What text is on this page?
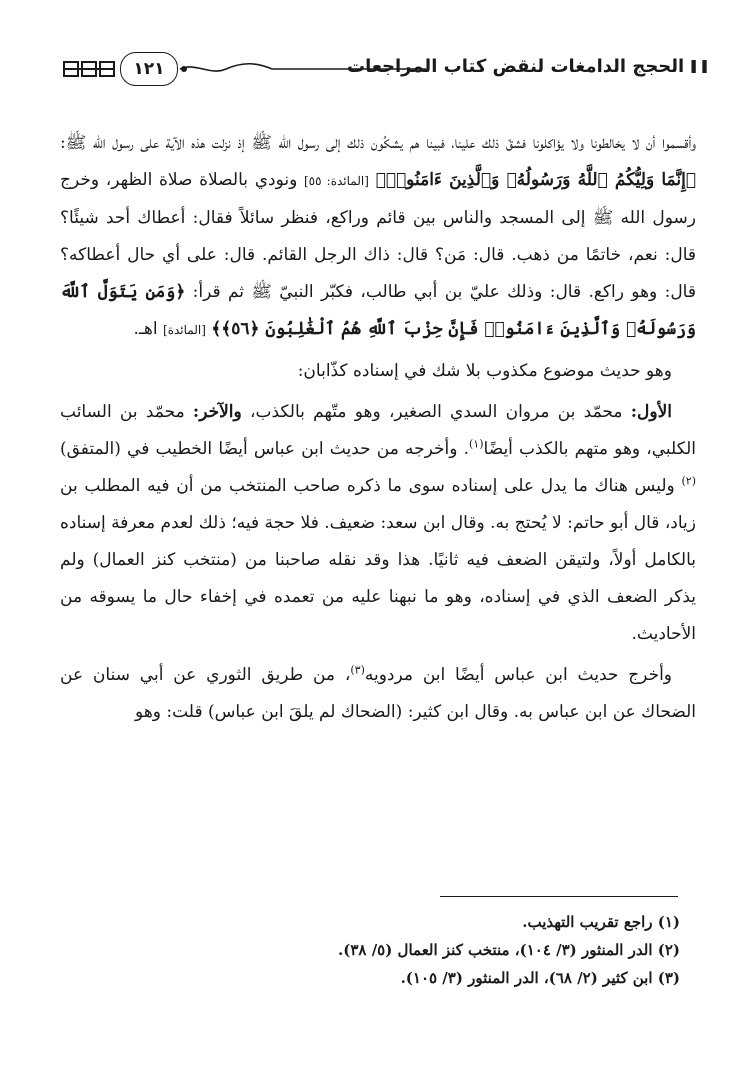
١٢١	❚❚الحجج الدامغات لنقض كتاب المراجعات

وأقسموا أن لا يخالطونا ولا يؤاكلونا فشقّ ذلك علينا، فبينا هم يشكُون ذلك إلى رسول الله ﷺ إذ نزلت هذه الآية على رسول الله ﷺ: ﴿إِنَّمَا وَلِيُّكُمُ ٱللَّهُ وَرَسُولُهُۥ وَٱلَّذِينَ ءَامَنُوا۟﴾ [المائدة: ٥٥] ونودي بالصلاة صلاة الظهر، وخرج رسول الله ﷺ إلى المسجد والناس بين قائم وراكع، فنظر سائلاً فقال: أعطاك أحد شيئًا؟ قال: نعم، خاتمًا من ذهب. قال: مَن؟ قال: ذاك الرجل القائم. قال: على أي حال أعطاكه؟ قال: وهو راكع. قال: وذلك عليّ بن أبي طالب، فكبّر النبيّ ﷺ ثم قرأ: ﴿وَمَن يَتَوَلَّ ٱللَّهَ وَرَسُولَهُۥ وَٱلَّذِينَ ءَامَنُوا۟ فَإِنَّ حِزْبَ ٱللَّهِ هُمُ ٱلْغَٰلِبُونَ ﴿٥٦﴾﴾ [المائدة] اهـ.

وهو حديث موضوع مكذوب بلا شك في إسناده كذّابان:

الأول: محمّد بن مروان السدي الصغير، وهو متّهم بالكذب، والآخر: محمّد بن السائب الكلبي، وهو متهم بالكذب أيضًا$^{(١)}$. وأخرجه من حديث ابن عباس أيضًا الخطيب في (المتفق)$^{(٢)}$ وليس هناك ما يدل على إسناده سوى ما ذكره صاحب المنتخب من أن فيه المطلب بن زياد، قال أبو حاتم: لا يُحتج به. وقال ابن سعد: ضعيف. فلا حجة فيه؛ ذلك لعدم معرفة إسناده بالكامل أولاً، ولتيقن الضعف فيه ثانيًا. هذا وقد نقله صاحبنا من (منتخب كنز العمال) ولم يذكر الضعف الذي في إسناده، وهو ما نبهنا عليه من تعمده في إخفاء حال ما يسوقه من الأحاديث.

وأخرج حديث ابن عباس أيضًا ابن مردويه$^{(٣)}$، من طريق الثوري عن أبي سنان عن الضحاك عن ابن عباس به. وقال ابن كثير: (الضحاك لم يلقَ ابن عباس) قلت: وهو

(١) راجع تقريب التهذيب.
(٢) الدر المنثور (٣/ ١٠٤)، منتخب كنز العمال (٥/ ٣٨).
(٣) ابن كثير (٢/ ٦٨)، الدر المنثور (٣/ ١٠٥).
